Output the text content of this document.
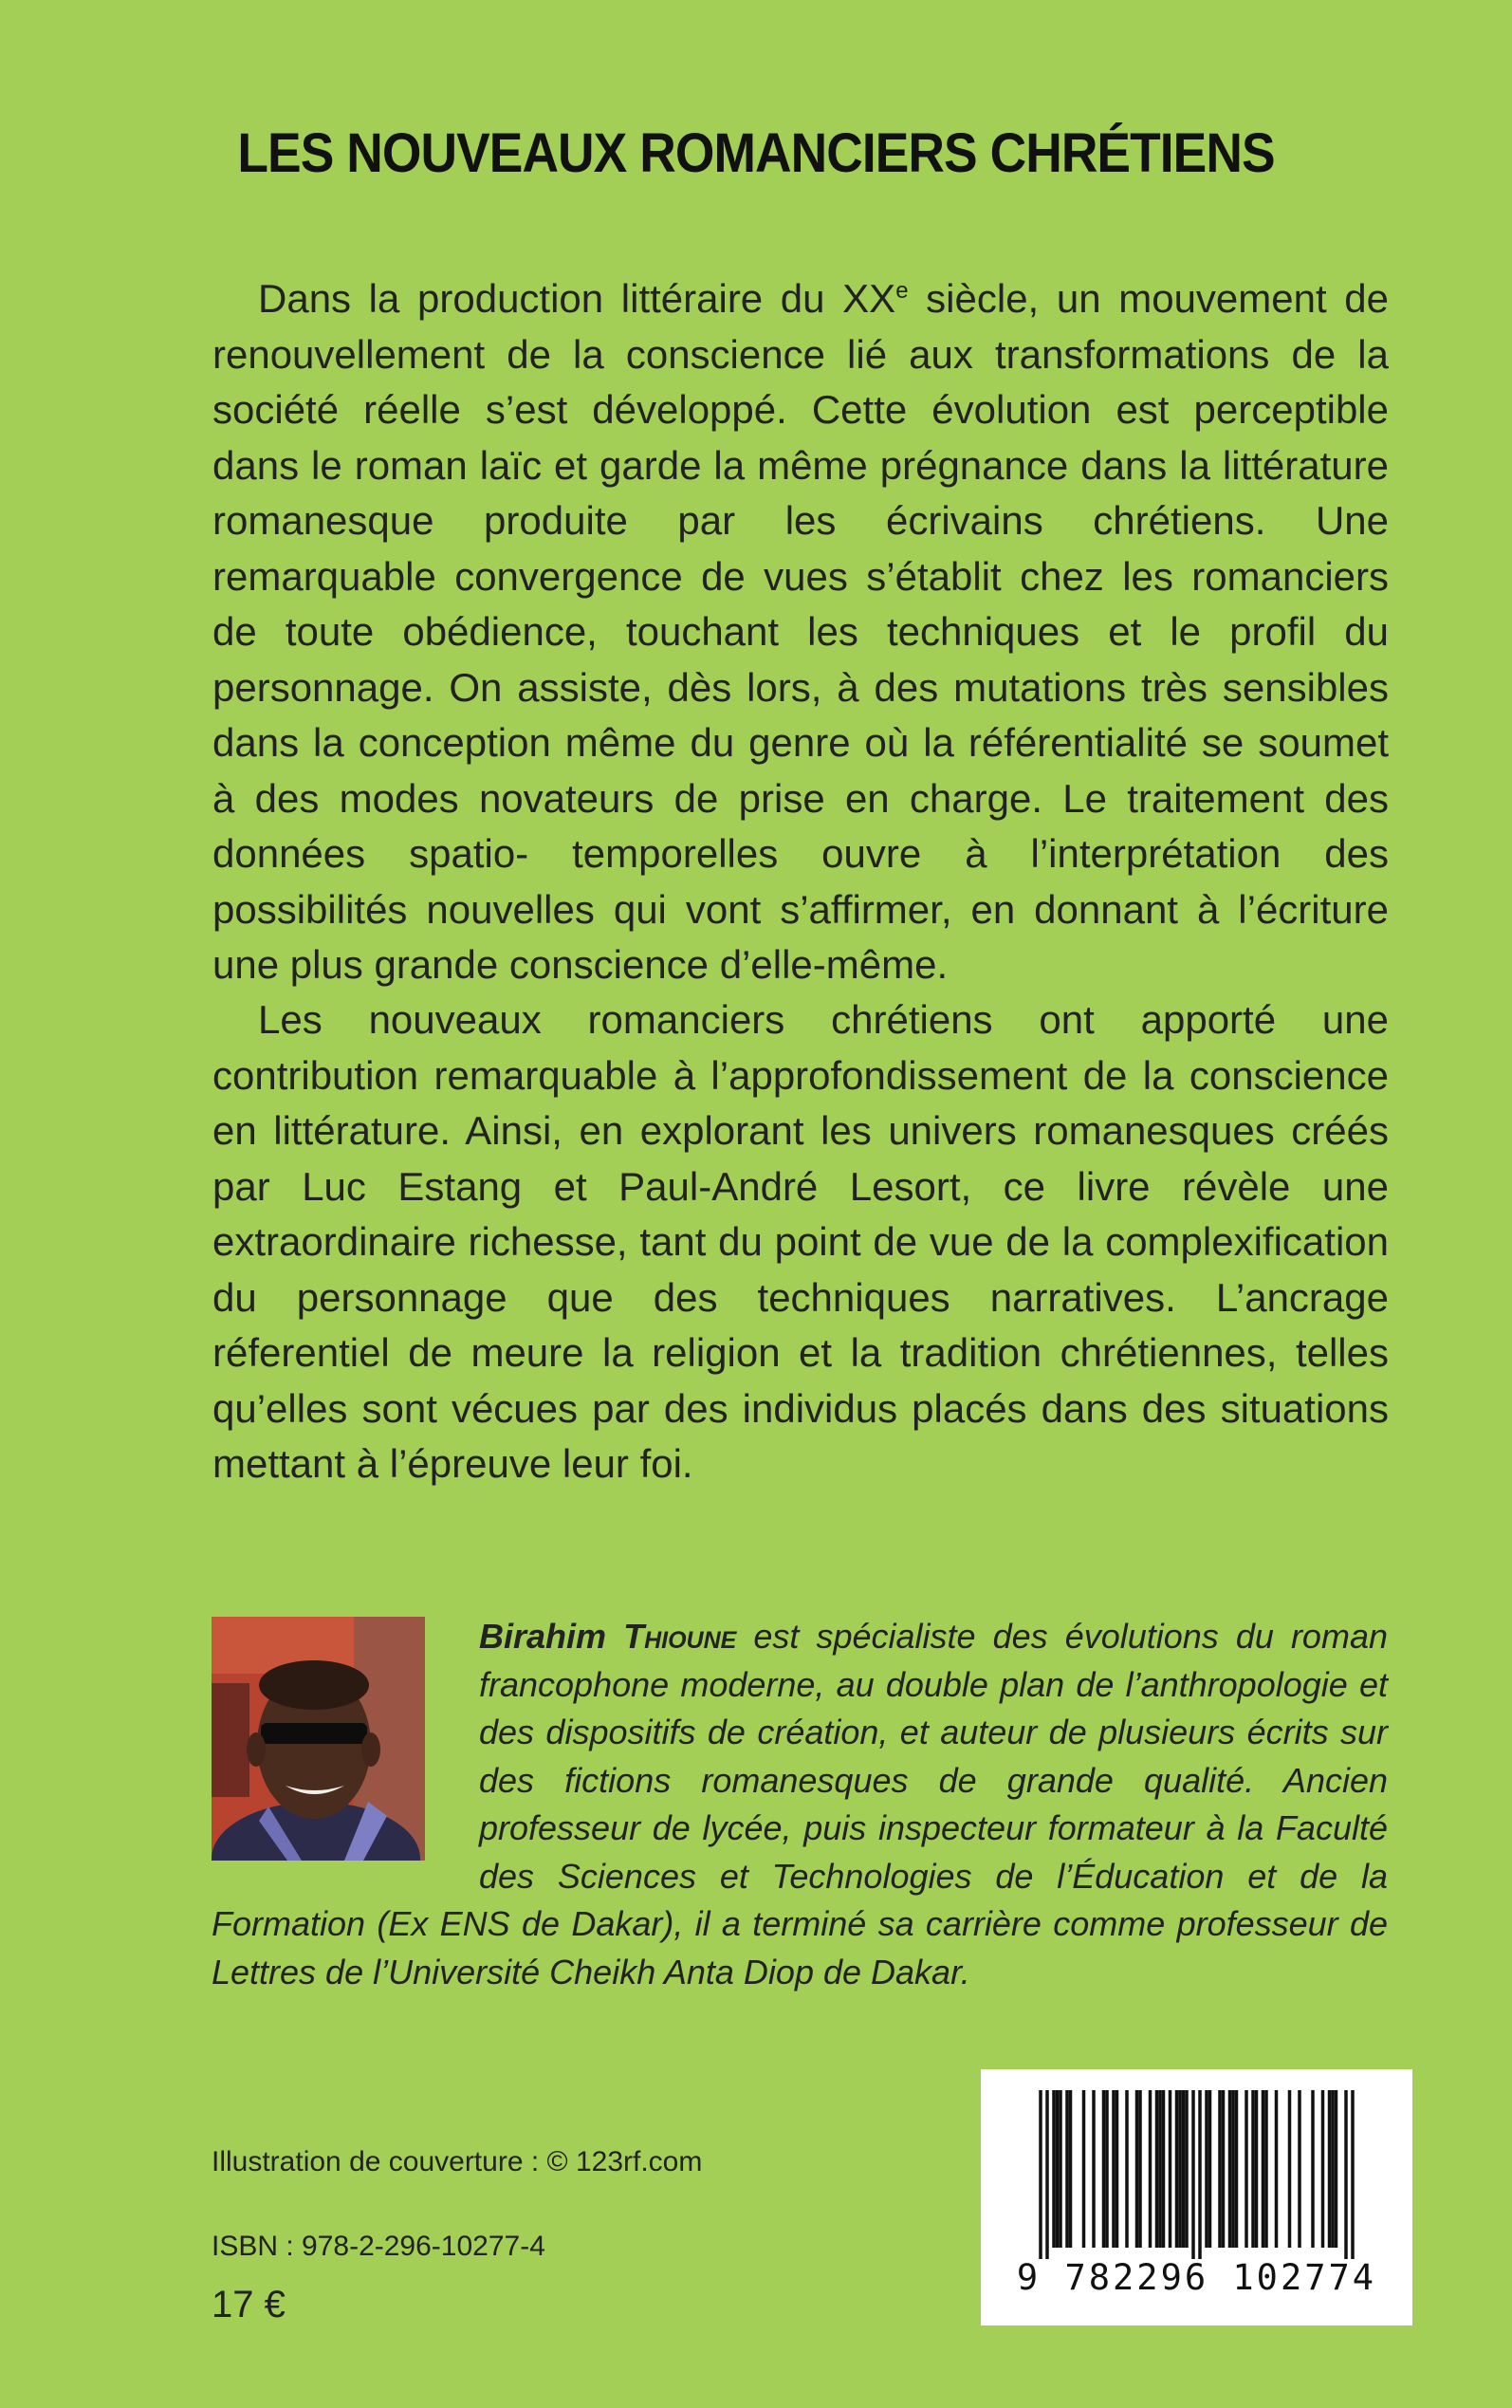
LES NOUVEAUX ROMANCIERS CHRÉTIENS

Dans la production littéraire du XXe siècle, un mouvement de renouvellement de la conscience lié aux transformations de la société réelle s’est développé. Cette évolution est perceptible dans le roman laïc et garde la même prégnance dans la littérature romanesque produite par les écrivains chrétiens. Une remarquable convergence de vues s’établit chez les romanciers de toute obédience, touchant les techniques et le profil du personnage. On assiste, dès lors, à des mutations très sensibles dans la conception même du genre où la référentialité se soumet à des modes novateurs de prise en charge. Le traitement des données spatio- temporelles ouvre à l’interprétation des possibilités nouvelles qui vont s’affirmer, en donnant à l’écriture une plus grande conscience d’elle-même.

Les nouveaux romanciers chrétiens ont apporté une contribution remarquable à l’approfondissement de la conscience en littérature. Ainsi, en explorant les univers romanesques créés par Luc Estang et Paul-André Lesort, ce livre révèle une extraordinaire richesse, tant du point de vue de la complexification du personnage que des techniques narratives. L’ancrage réferentiel de meure la religion et la tradition chrétiennes, telles qu’elles sont vécues par des individus placés dans des situations mettant à l’épreuve leur foi.

Birahim Thioune est spécialiste des évolutions du roman francophone moderne, au double plan de l’anthropologie et des dispositifs de création, et auteur de plusieurs écrits sur des fictions romanesques de grande qualité. Ancien professeur de lycée, puis inspecteur formateur à la Faculté des Sciences et Technologies de l’Éducation et de la Formation (Ex ENS de Dakar), il a terminé sa carrière comme professeur de Lettres de l’Université Cheikh Anta Diop de Dakar.

Illustration de couverture : © 123rf.com

ISBN : 978-2-296-10277-4

17 €

9 782296 102774
